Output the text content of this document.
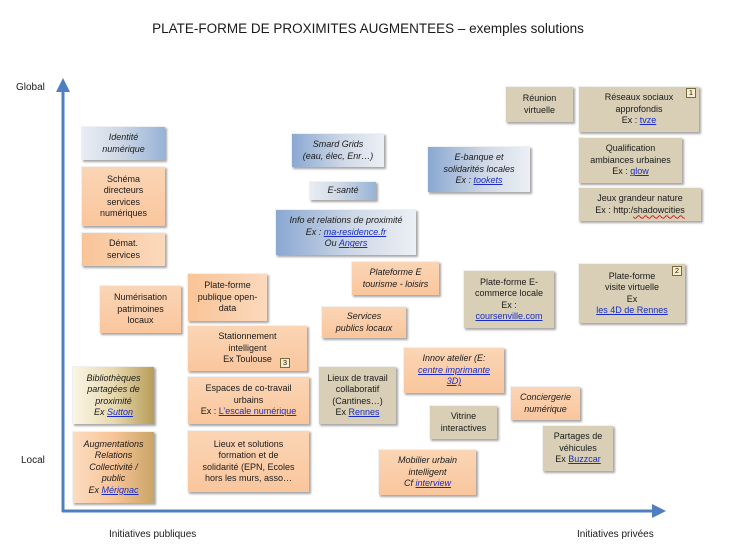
PLATE-FORME DE PROXIMITES AUGMENTEES – exemples solutions
Global
Local
Initiatives publiques	Initiatives privées
Identité
numérique
Schéma
directeurs
services
numériques
Démat.
services
Numérisation
patrimoines
locaux
Bibliothèques
partagées de
proximité
Ex Sutton
Augmentations
Relations
Collectivité /
public
Ex Mérignac
Plate-forme
publique open-
data
Stationnement
intelligent
Ex Toulouse	3
Espaces de co-travail
urbains
Ex : L’escale numérique
Lieux et solutions
formation et de
solidarité (EPN, Ecoles
hors les murs, asso…
Smard Grids
(eau, élec, Enr…)
E-santé
Info et relations de proximité
Ex : ma-residence.fr
Ou Angers
Plateforme E
tourisme - loisirs
Services
publics locaux
Lieux de travail
collaboratif
(Cantines…)
Ex Rennes
Innov atelier (E:
centre imprimante
3D)
Vitrine
interactives
Mobilier urbain
intelligent
Cf interview
E-banque et
solidarités locales
Ex : tookets
Plate-forme E-
commerce locale
Ex :
coursenville.com
Conciergerie
numérique
Partages de
véhicules
Ex Buzzcar
Réunion
virtuelle
Réseaux sociaux
approfondis
Ex : tvze
1
Qualification
ambiances urbaines
Ex : glow
Jeux grandeur nature
Ex : http:/shadowcities
Plate-forme
visite virtuelle
Ex
les 4D de Rennes
2
